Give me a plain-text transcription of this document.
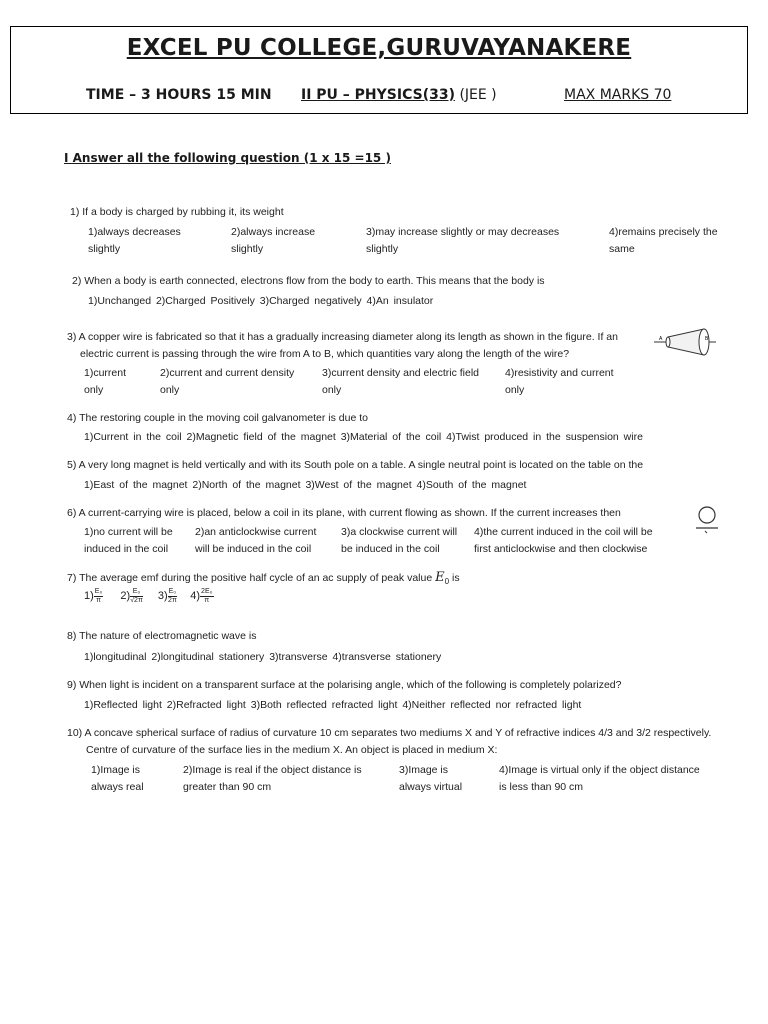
EXCEL PU COLLEGE,GURUVAYANAKERE
TIME – 3 HOURS 15 MIN II PU – PHYSICS(33) (JEE )	MAX MARKS 70
I Answer all the following question (1 x 15 =15 )
1) If a body is charged by rubbing it, its weight
1)always decreases
slightly
2)always increase
slightly
3)may increase slightly or may decreases
slightly
4)remains precisely the
same
2) When a body is earth connected, electrons flow from the body to earth. This means that the body is
1)Unchanged 2)Charged Positively 3)Charged negatively 4)An insulator
3) A copper wire is fabricated so that it has a gradually increasing diameter along its length as shown in the figure. If an
electric current is passing through the wire from A to B, which quantities vary along the length of the wire?
1)current
only
2)current and current density
only
3)current density and electric field
only
4)resistivity and current
only
A	B
4) The restoring couple in the moving coil galvanometer is due to
1)Current in the coil 2)Magnetic field of the magnet 3)Material of the coil 4)Twist produced in the suspension wire
5) A very long magnet is held vertically and with its South pole on a table. A single neutral point is located on the table on the
1)East of the magnet 2)North of the magnet 3)West of the magnet 4)South of the magnet
6) A current-carrying wire is placed, below a coil in its plane, with current flowing as shown. If the current increases then
1)no current will be
induced in the coil
2)an anticlockwise current
will be induced in the coil
3)a clockwise current will
be induced in the coil
4)the current induced in the coil will be
first anticlockwise and then clockwise
7) The average emf during the positive half cycle of an ac supply of peak value $E_0$ is
$1) \frac{\text{E₀}}{\pi} 2) \frac{\text{E₀}}{√2\pi} 3) \frac{\text{E₀}}{2\pi} 4) \frac{\text{2E₀}}{\pi}$
8) The nature of electromagnetic wave is
1)longitudinal 2)longitudinal stationery 3)transverse 4)transverse stationery
9) When light is incident on a transparent surface at the polarising angle, which of the following is completely polarized?
1)Reflected light 2)Refracted light 3)Both reflected refracted light 4)Neither reflected nor refracted light
10) A concave spherical surface of radius of curvature 10 cm separates two mediums X and Y of refractive indices 4/3 and 3/2 respectively.
Centre of curvature of the surface lies in the medium X. An object is placed in medium X:
1)Image is
always real
2)Image is real if the object distance is
greater than 90 cm
3)Image is
always virtual
4)Image is virtual only if the object distance
is less than 90 cm
